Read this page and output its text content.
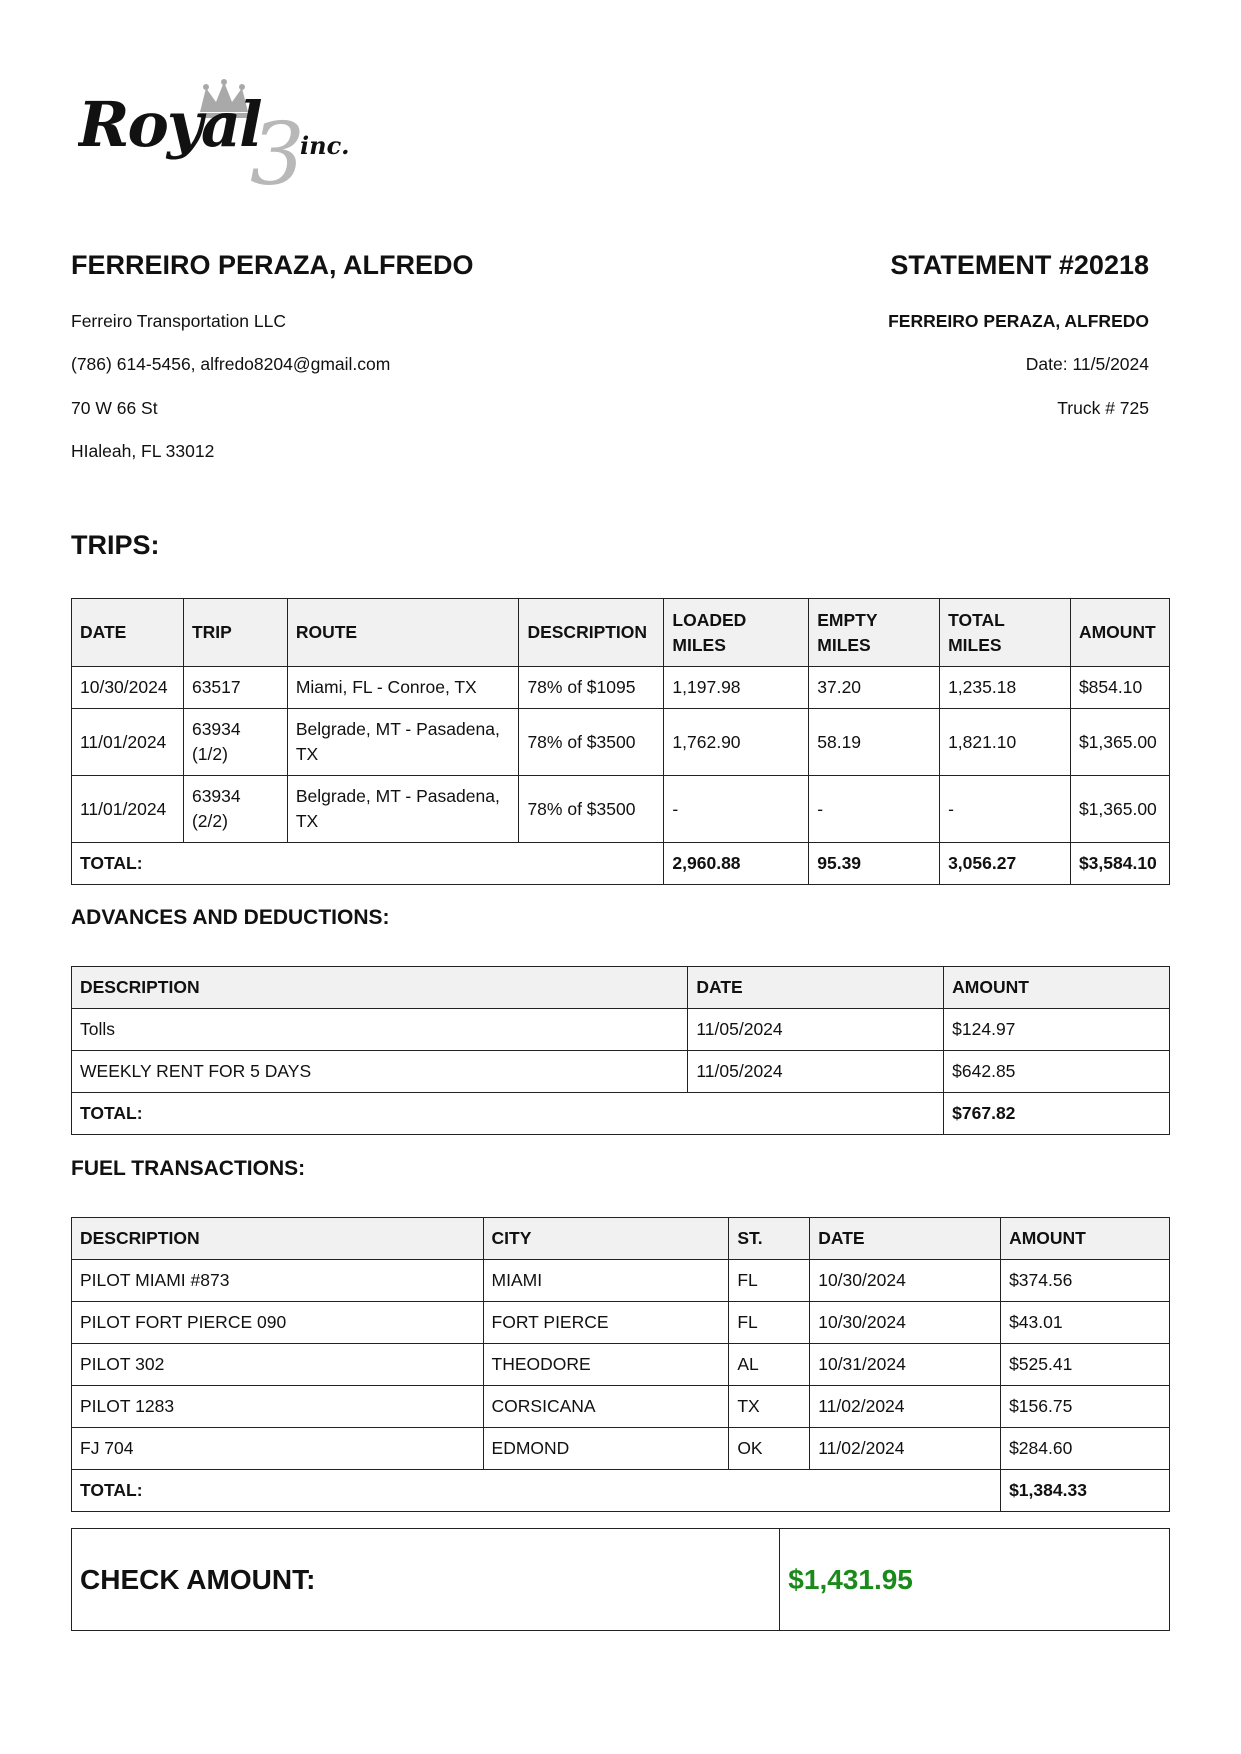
3
Royal inc.

FERREIRO PERAZA, ALFREDO

Ferreiro Transportation LLC

(786) 614-5456, alfredo8204@gmail.com

70 W 66 St

HIaleah, FL 33012

STATEMENT #20218

FERREIRO PERAZA, ALFREDO

Date: 11/5/2024

Truck # 725

TRIPS:
DATE	TRIP	ROUTE	DESCRIPTION	LOADED MILES	EMPTY MILES	TOTAL MILES	AMOUNT
10/30/2024	63517	Miami, FL - Conroe, TX	78% of $1095	1,197.98	37.20	1,235.18	$854.10
11/01/2024	63934 (1/2)	Belgrade, MT - Pasadena, TX	78% of $3500	1,762.90	58.19	1,821.10	$1,365.00
11/01/2024	63934 (2/2)	Belgrade, MT - Pasadena, TX	78% of $3500	-	-	-	$1,365.00
TOTAL:				2,960.88	95.39	3,056.27	$3,584.10
ADVANCES AND DEDUCTIONS:
DESCRIPTION	DATE	AMOUNT
Tolls	11/05/2024	$124.97
WEEKLY RENT FOR 5 DAYS	11/05/2024	$642.85
TOTAL:		$767.82
FUEL TRANSACTIONS:
DESCRIPTION	CITY	ST.	DATE	AMOUNT
PILOT MIAMI #873	MIAMI	FL	10/30/2024	$374.56
PILOT FORT PIERCE 090	FORT PIERCE	FL	10/30/2024	$43.01
PILOT 302	THEODORE	AL	10/31/2024	$525.41
PILOT 1283	CORSICANA	TX	11/02/2024	$156.75
FJ 704	EDMOND	OK	11/02/2024	$284.60
TOTAL:				$1,384.33
CHECK AMOUNT:	$1,431.95
